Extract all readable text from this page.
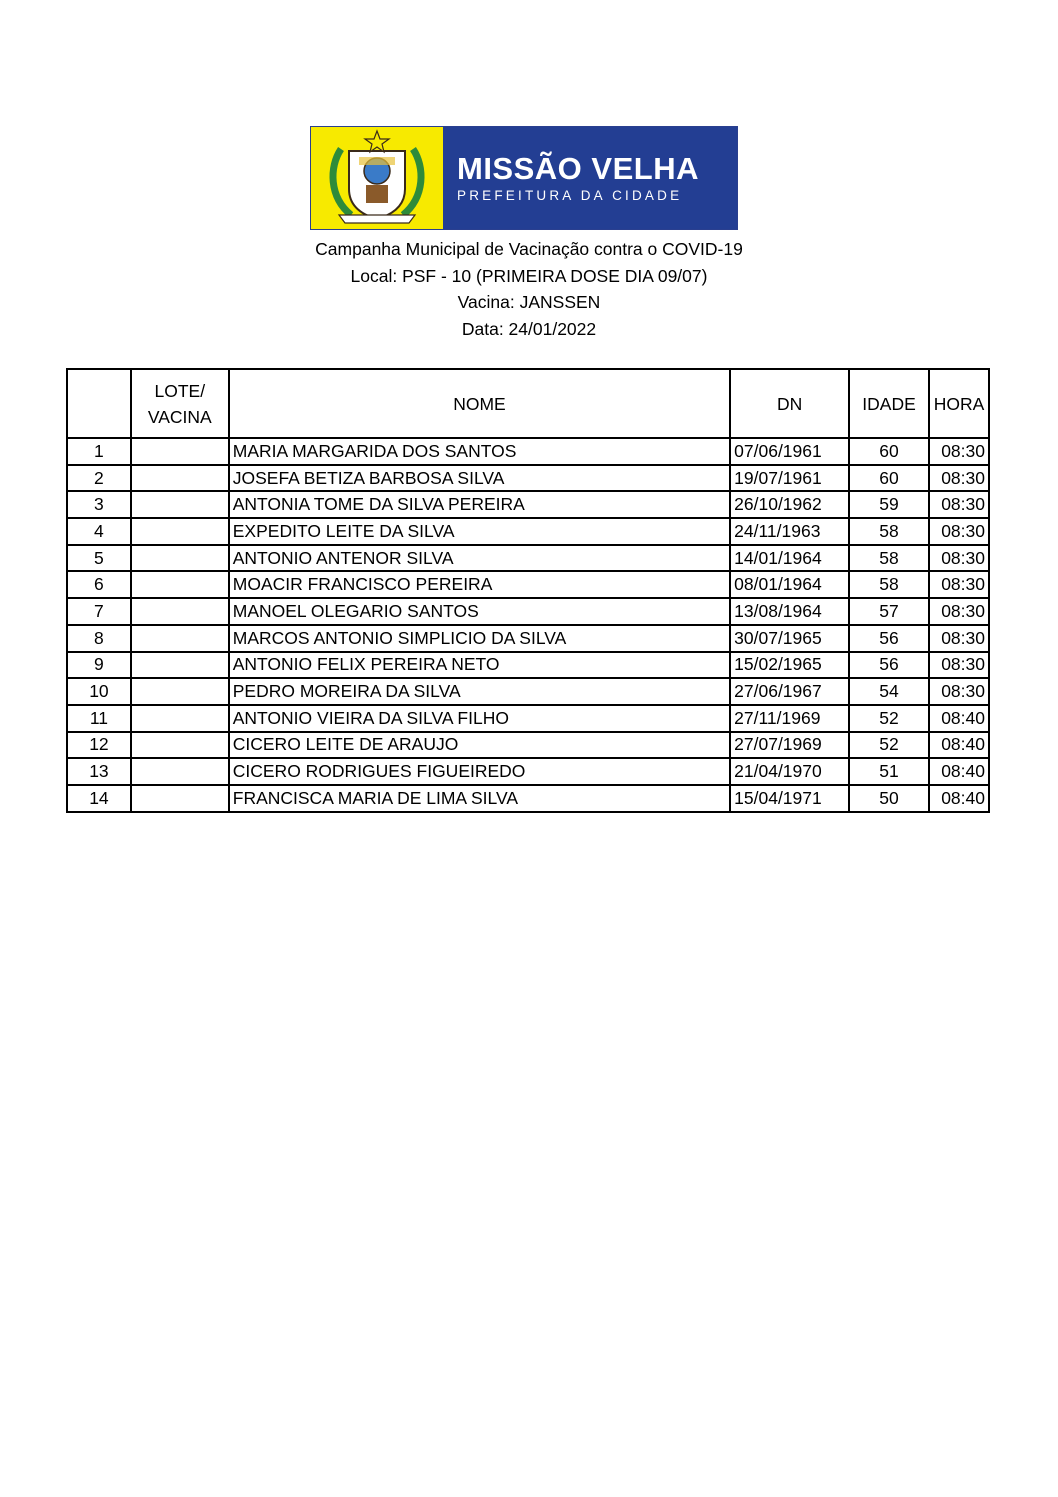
MISSÃO VELHA
PREFEITURA DA CIDADE
Campanha Municipal de Vacinação contra o COVID-19
Local: PSF - 10 (PRIMEIRA DOSE DIA 09/07)
Vacina: JANSSEN
Data: 24/01/2022
	LOTE/ VACINA	NOME	DN	IDADE	HORA
1		MARIA MARGARIDA DOS SANTOS	07/06/1961	60	08:30
2		JOSEFA BETIZA BARBOSA SILVA	19/07/1961	60	08:30
3		ANTONIA TOME DA SILVA PEREIRA	26/10/1962	59	08:30
4		EXPEDITO LEITE DA SILVA	24/11/1963	58	08:30
5		ANTONIO ANTENOR SILVA	14/01/1964	58	08:30
6		MOACIR FRANCISCO PEREIRA	08/01/1964	58	08:30
7		MANOEL OLEGARIO SANTOS	13/08/1964	57	08:30
8		MARCOS ANTONIO SIMPLICIO DA SILVA	30/07/1965	56	08:30
9		ANTONIO FELIX PEREIRA NETO	15/02/1965	56	08:30
10		PEDRO MOREIRA DA SILVA	27/06/1967	54	08:30
11		ANTONIO VIEIRA DA SILVA FILHO	27/11/1969	52	08:40
12		CICERO LEITE DE ARAUJO	27/07/1969	52	08:40
13		CICERO RODRIGUES FIGUEIREDO	21/04/1970	51	08:40
14		FRANCISCA MARIA DE LIMA SILVA	15/04/1971	50	08:40
